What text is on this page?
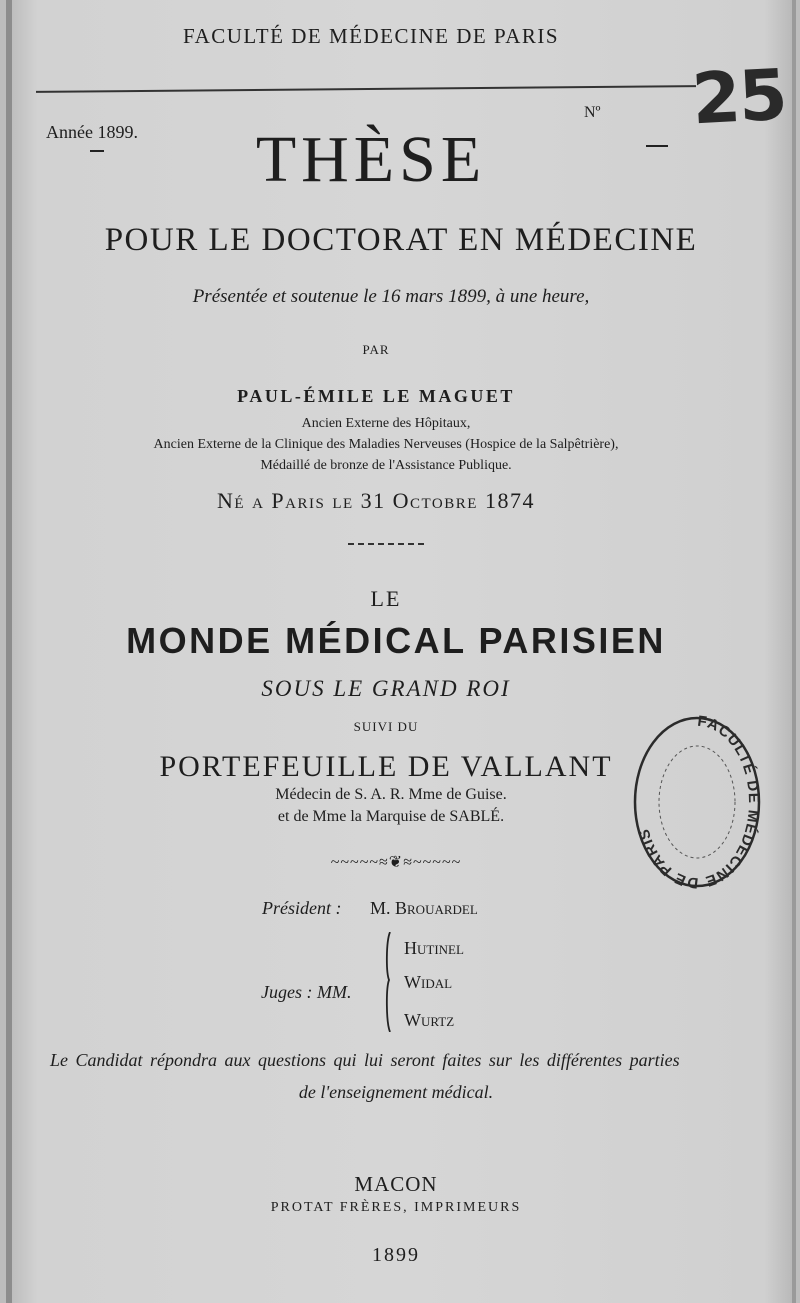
FACULTÉ DE MÉDECINE DE PARIS
Année 1899.
Nº 25
THÈSE
POUR LE DOCTORAT EN MÉDECINE
Présentée et soutenue le 16 mars 1899, à une heure,
PAR
PAUL-ÉMILE LE MAGUET
Ancien Externe des Hôpitaux,
Ancien Externe de la Clinique des Maladies Nerveuses (Hospice de la Salpêtrière),
Médaillé de bronze de l'Assistance Publique.
Né a Paris le 31 Octobre 1874
LE
MONDE MÉDICAL PARISIEN
SOUS LE GRAND ROI
SUIVI DU
PORTEFEUILLE DE VALLANT
Médecin de S. A. R. Mme de Guise.
et de Mme la Marquise de SABLÉ.
~~~~~≈❦≈~~~~~
Président : M. Brouardel
Juges : MM.
Hutinel
Widal
Wurtz
Le Candidat répondra aux questions qui lui seront faites sur les différentes parties
de l'enseignement médical.
MACON
PROTAT FRÈRES, IMPRIMEURS
1899
FACULTÉ DE MÉDECINE DE PARIS
